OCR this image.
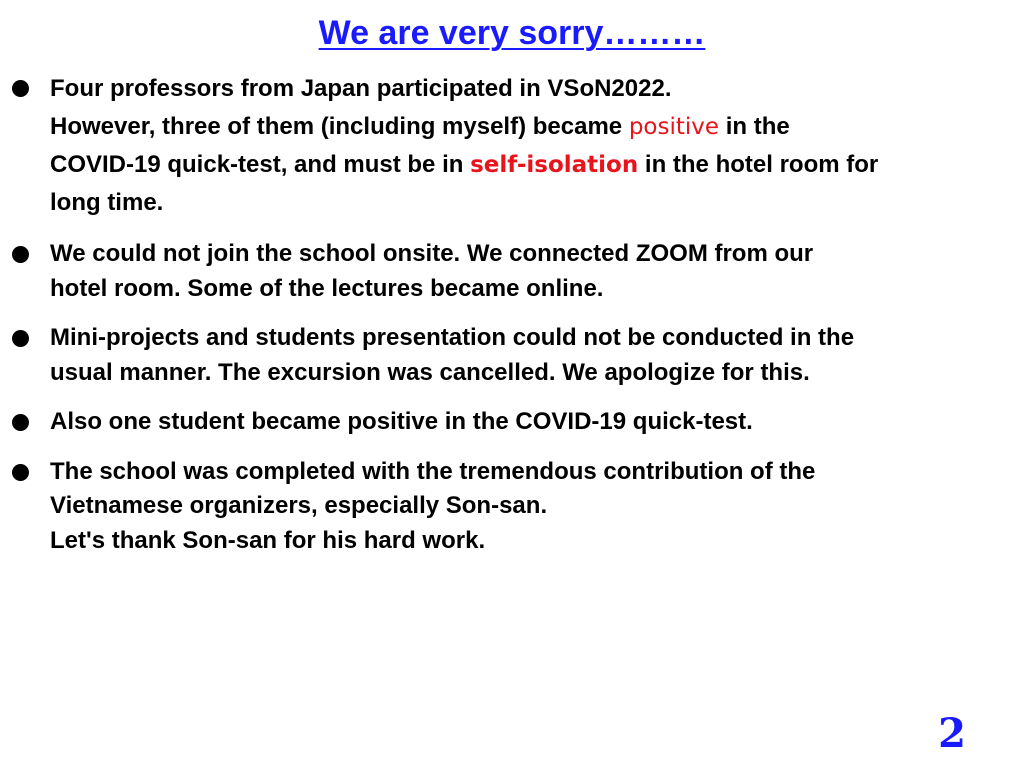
We are very sorry………
Four professors from Japan participated in VSoN2022.
However, three of them (including myself) became positive in the
COVID-19 quick-test, and must be in self-isolation in the hotel room for
long time.
We could not join the school onsite. We connected ZOOM from our
hotel room. Some of the lectures became online.
Mini-projects and students presentation could not be conducted in the
usual manner. The excursion was cancelled. We apologize for this.
Also one student became positive in the COVID-19 quick-test.
The school was completed with the tremendous contribution of the
Vietnamese organizers, especially Son-san.
Let's thank Son-san for his hard work.
2
